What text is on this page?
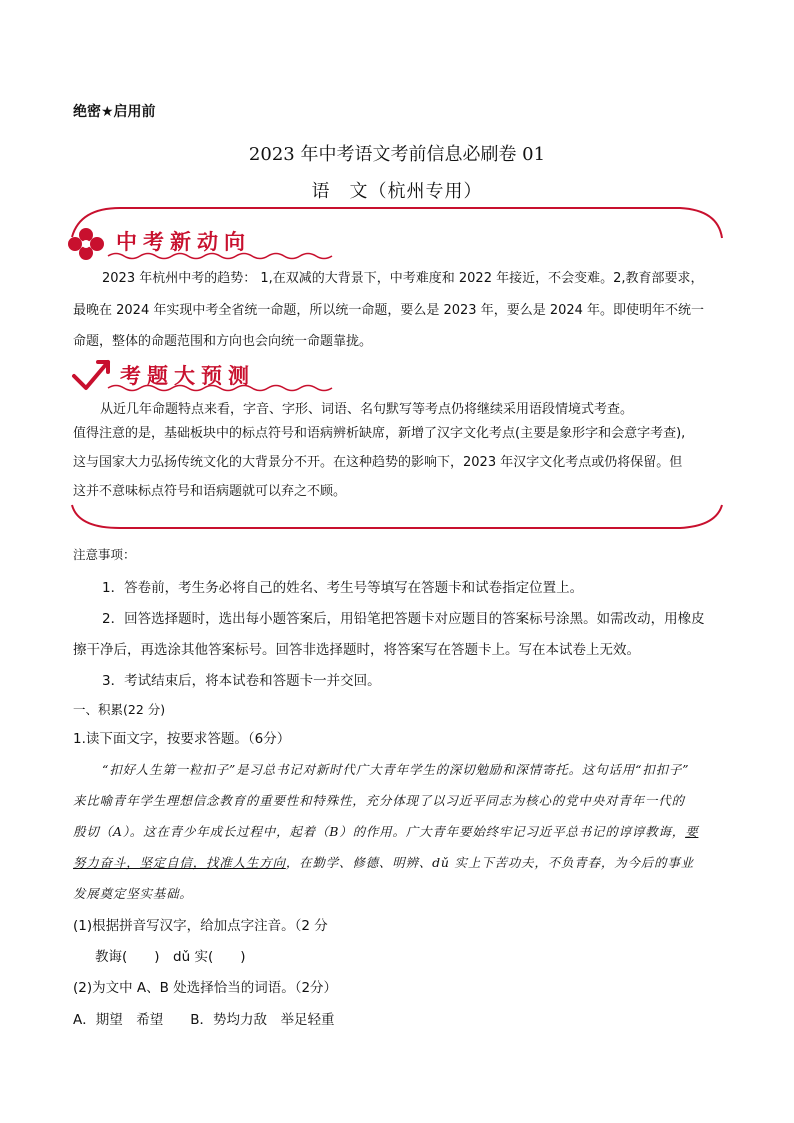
绝密★启用前
2023 年中考语文考前信息必刷卷 01
语　文（杭州专用）
中考新动向
2023 年杭州中考的趋势： 1,在双减的大背景下，中考难度和 2022 年接近，不会变难。2,教育部要求，
最晚在 2024 年实现中考全省统一命题，所以统一命题，要么是 2023 年，要么是 2024 年。即使明年不统一
命题，整体的命题范围和方向也会向统一命题靠拢。
考题大预测
从近几年命题特点来看，字音、字形、词语、名句默写等考点仍将继续采用语段情境式考查。
值得注意的是，基础板块中的标点符号和语病辨析缺席，新增了汉字文化考点(主要是象形字和会意字考查),
这与国家大力弘扬传统文化的大背景分不开。在这种趋势的影响下，2023 年汉字文化考点或仍将保留。但
这并不意味标点符号和语病题就可以弃之不顾。
注意事项：
1．答卷前，考生务必将自己的姓名、考生号等填写在答题卡和试卷指定位置上。
2．回答选择题时，选出每小题答案后，用铅笔把答题卡对应题目的答案标号涂黑。如需改动，用橡皮
擦干净后，再选涂其他答案标号。回答非选择题时，将答案写在答题卡上。写在本试卷上无效。
3．考试结束后，将本试卷和答题卡一并交回。
一、积累(22 分)
1.读下面文字，按要求答题。（6分）
“扣好人生第一粒扣子”是习总书记对新时代广大青年学生的深切勉励和深情寄托。这句话用“扣扣子”
来比喻青年学生理想信念教育的重要性和特殊性，充分体现了以习近平同志为核心的党中央对青年一代的
殷切（A）。这在青少年成长过程中，起着（B）的作用。广大青年要始终牢记习近平总书记的谆谆教诲，要
努力奋斗，坚定自信，找准人生方向，在勤学、修德、明辨、dǔ 实上下苦功夫，不负青春，为今后的事业
发展奠定坚实基础。
(1)根据拼音写汉字，给加点字注音。（2 分
教诲(　　)　dǔ 实(　　)
(2)为文中 A、B 处选择恰当的词语。（2分）
A．期望　希望　　B．势均力敌　举足轻重
